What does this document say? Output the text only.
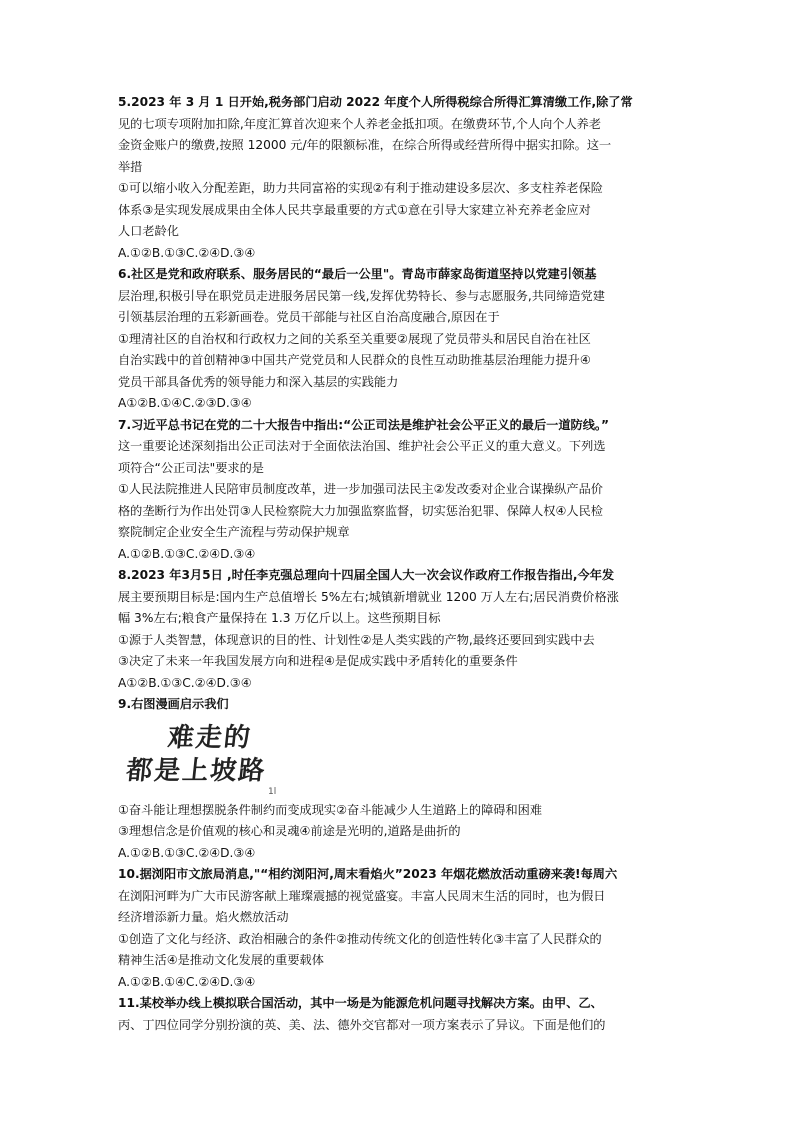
5.2023 年 3 月 1 日开始,税务部门启动 2022 年度个人所得税综合所得汇算清缴工作,除了常
见的七项专项附加扣除,年度汇算首次迎来个人养老金抵扣项。在缴费环节,个人向个人养老
金资金账户的缴费,按照 12000 元/年的限额标准，在综合所得或经营所得中据实扣除。这一
举措
①可以缩小收入分配差距，助力共同富裕的实现②有利于推动建设多层次、多支柱养老保险
体系③是实现发展成果由全体人民共享最重要的方式①意在引导大家建立补充养老金应对
人口老龄化
A.①②B.①③C.②④D.③④
6.社区是党和政府联系、服务居民的“最后一公里"。青岛市薛家岛街道坚持以党建引领基
层治理,积极引导在职党员走进服务居民第一线,发挥优势特长、参与志愿服务,共同缔造党建
引领基层治理的五彩新画卷。党员干部能与社区自治高度融合,原因在于
①理清社区的自治权和行政权力之间的关系至关重要②展现了党员带头和居民自治在社区
自治实践中的首创精神③中国共产党党员和人民群众的良性互动助推基层治理能力提升④
党员干部具备优秀的领导能力和深入基层的实践能力
A①②B.①④C.②③D.③④
7.习近平总书记在党的二十大报告中指出:“公正司法是维护社会公平正义的最后一道防线。”
这一重要论述深刻指出公正司法对于全面依法治国、维护社会公平正义的重大意义。下列选
项符合“公正司法"要求的是
①人民法院推进人民陪审员制度改革，进一步加强司法民主②发改委对企业合谋操纵产品价
格的垄断行为作出处罚③人民检察院大力加强监察监督，切实惩治犯罪、保障人权④人民检
察院制定企业安全生产流程与劳动保护规章
A.①②B.①③C.②④D.③④
8.2023 年3月5日 ,时任李克强总理向十四届全国人大一次会议作政府工作报告指出,今年发
展主要预期目标是:国内生产总值增长 5%左右;城镇新增就业 1200 万人左右;居民消费价格涨
幅 3%左右;粮食产量保持在 1.3 万亿斤以上。这些预期目标
①源于人类智慧，体现意识的目的性、计划性②是人类实践的产物,最终还要回到实践中去
③决定了未来一年我国发展方向和进程④是促成实践中矛盾转化的重要条件
A①②B.①③C.②④D.③④
9.右图漫画启示我们
难走的
都是上坡路
1l
①奋斗能让理想摆脱条件制约而变成现实②奋斗能减少人生道路上的障碍和困难
③理想信念是价值观的核心和灵魂④前途是光明的,道路是曲折的
A.①②B.①③C.②④D.③④
10.据浏阳市文旅局消息,"“相约浏阳河,周末看焰火”2023 年烟花燃放活动重磅来袭!每周六
在浏阳河畔为广大市民游客献上璀璨震撼的视觉盛宴。丰富人民周末生活的同时，也为假日
经济增添新力量。焰火燃放活动
①创造了文化与经济、政治相融合的条件②推动传统文化的创造性转化③丰富了人民群众的
精神生活④是推动文化发展的重要载体
A.①②B.①④C.②④D.③④
11.某校举办线上模拟联合国活动，其中一场是为能源危机问题寻找解决方案。由甲、乙、
丙、丁四位同学分别扮演的英、美、法、德外交官都对一项方案表示了异议。下面是他们的
